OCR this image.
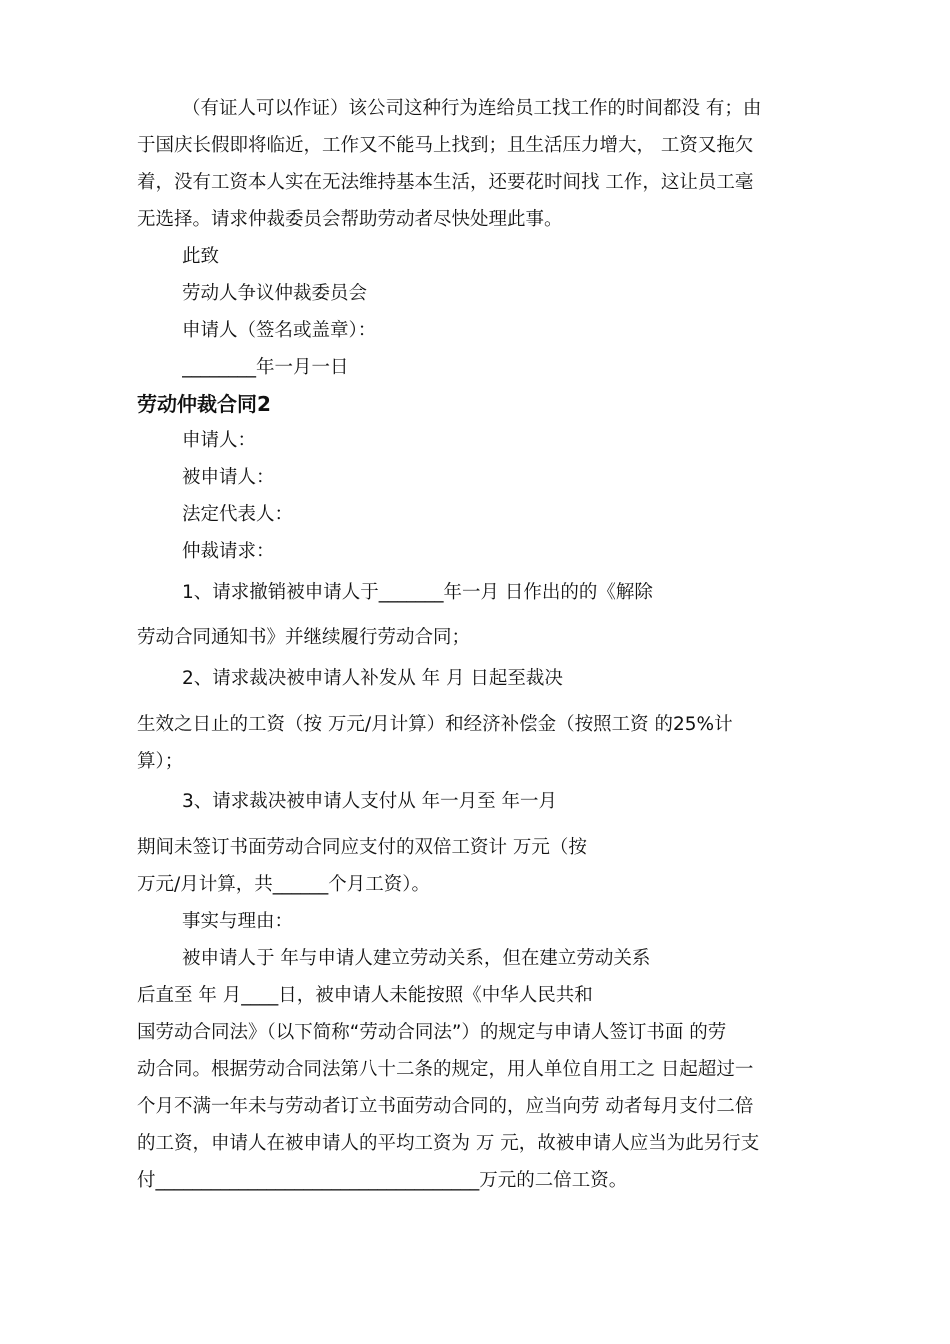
（有证人可以作证）该公司这种行为连给员工找工作的时间都没 有；由
于国庆长假即将临近，工作又不能马上找到；且生活压力增大， 工资又拖欠
着，没有工资本人实在无法维持基本生活，还要花时间找 工作，这让员工毫
无选择。请求仲裁委员会帮助劳动者尽快处理此事。
此致
劳动人争议仲裁委员会
申请人（签名或盖章）：
________年一月一日
劳动仲裁合同2
申请人：
被申请人：
法定代表人：
仲裁请求：
1、请求撤销被申请人于_______年一月 日作出的的《解除
劳动合同通知书》并继续履行劳动合同；
2、请求裁决被申请人补发从 年 月 日起至裁决
生效之日止的工资（按 万元/月计算）和经济补偿金（按照工资 的25%计
算）；
3、请求裁决被申请人支付从 年一月至 年一月
期间未签订书面劳动合同应支付的双倍工资计 万元（按
万元/月计算，共______个月工资）。
事实与理由：
被申请人于 年与申请人建立劳动关系，但在建立劳动关系
后直至 年 月____日，被申请人未能按照《中华人民共和
国劳动合同法》（以下简称“劳动合同法”）的规定与申请人签订书面 的劳
动合同。根据劳动合同法第八十二条的规定，用人单位自用工之 日起超过一
个月不满一年未与劳动者订立书面劳动合同的，应当向劳 动者每月支付二倍
的工资，申请人在被申请人的平均工资为 万 元，故被申请人应当为此另行支
付___________________________________万元的二倍工资。
